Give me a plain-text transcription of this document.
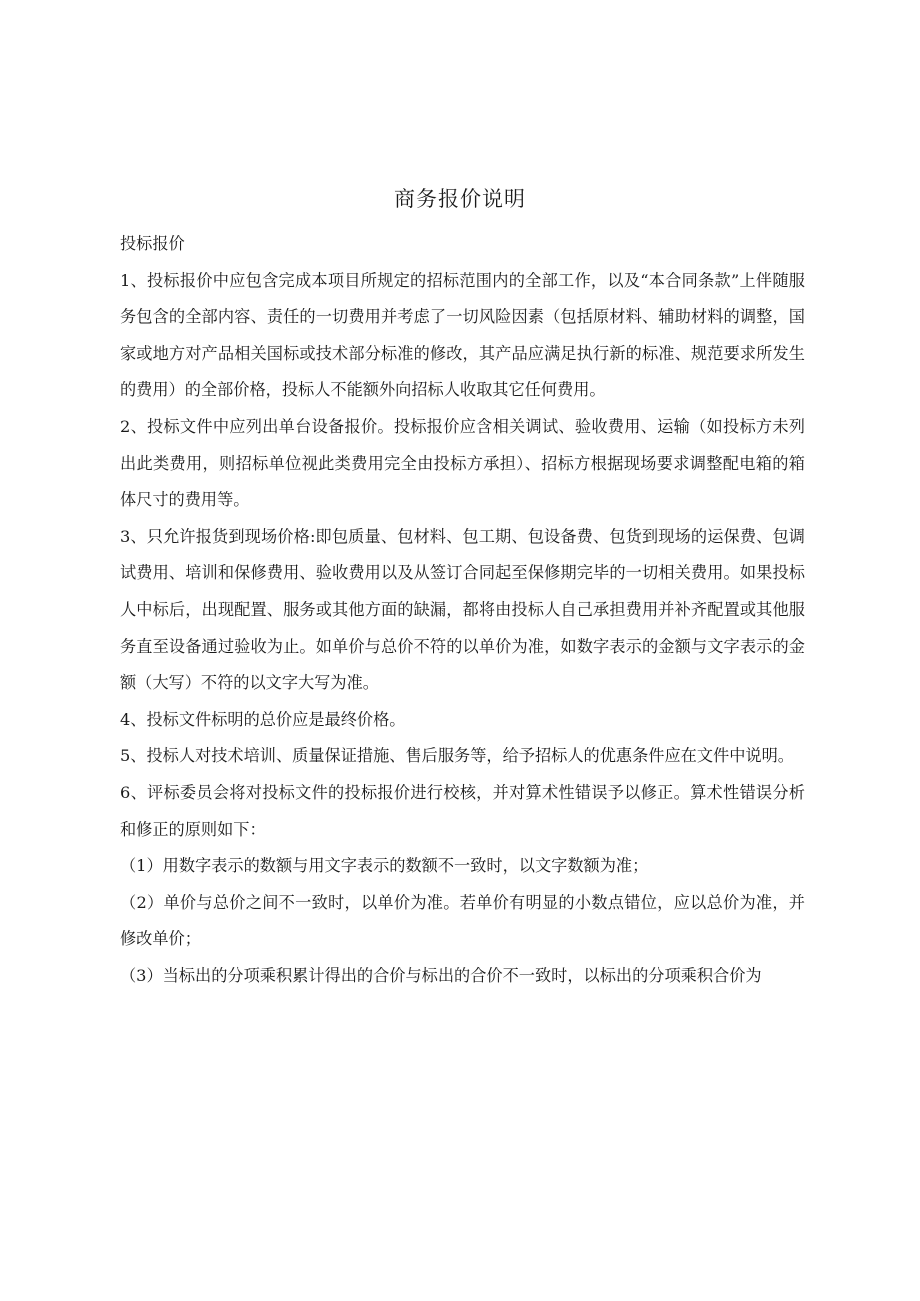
商务报价说明

投标报价

1、投标报价中应包含完成本项目所规定的招标范围内的全部工作，以及“本合同条款”上伴随服务包含的全部内容、责任的一切费用并考虑了一切风险因素（包括原材料、辅助材料的调整，国家或地方对产品相关国标或技术部分标准的修改，其产品应满足执行新的标准、规范要求所发生的费用）的全部价格，投标人不能额外向招标人收取其它任何费用。

2、投标文件中应列出单台设备报价。投标报价应含相关调试、验收费用、运输（如投标方未列出此类费用，则招标单位视此类费用完全由投标方承担）、招标方根据现场要求调整配电箱的箱体尺寸的费用等。

3、只允许报货到现场价格:即包质量、包材料、包工期、包设备费、包货到现场的运保费、包调试费用、培训和保修费用、验收费用以及从签订合同起至保修期完毕的一切相关费用。如果投标人中标后，出现配置、服务或其他方面的缺漏，都将由投标人自己承担费用并补齐配置或其他服务直至设备通过验收为止。如单价与总价不符的以单价为准，如数字表示的金额与文字表示的金额（大写）不符的以文字大写为准。

4、投标文件标明的总价应是最终价格。

5、投标人对技术培训、质量保证措施、售后服务等，给予招标人的优惠条件应在文件中说明。

6、评标委员会将对投标文件的投标报价进行校核，并对算术性错误予以修正。算术性错误分析和修正的原则如下：

（1）用数字表示的数额与用文字表示的数额不一致时，以文字数额为准；

（2）单价与总价之间不一致时，以单价为准。若单价有明显的小数点错位，应以总价为准，并修改单价；

（3）当标出的分项乘积累计得出的合价与标出的合价不一致时，以标出的分项乘积合价为
